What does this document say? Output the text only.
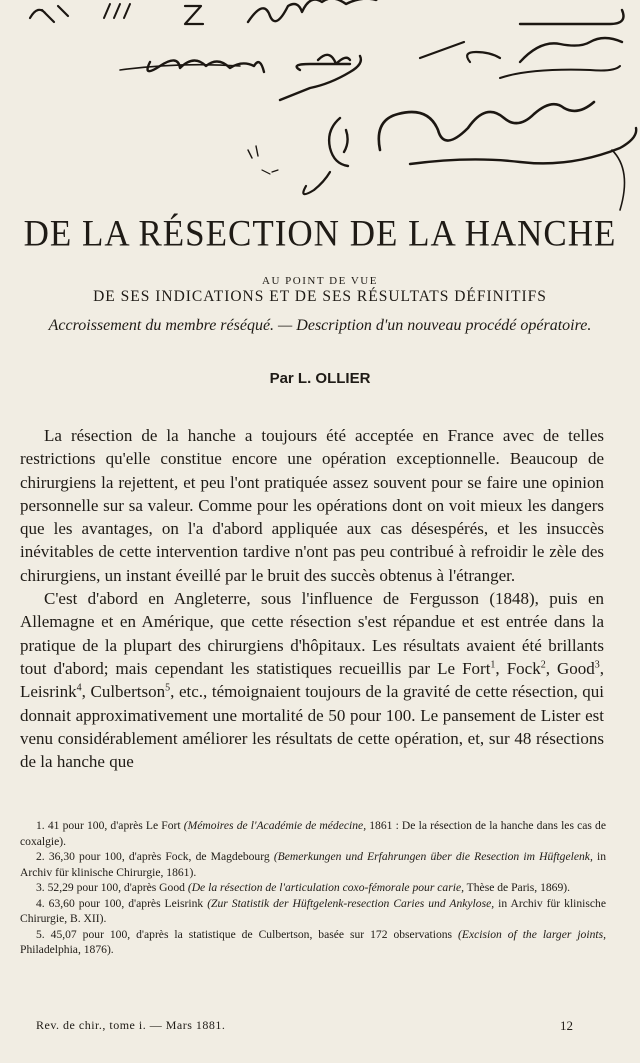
DE LA RÉSECTION DE LA HANCHE
AU POINT DE VUE
DE SES INDICATIONS ET DE SES RÉSULTATS DÉFINITIFS
Accroissement du membre réséqué. — Description d'un nouveau procédé opératoire.
Par L. OLLIER

La résection de la hanche a toujours été acceptée en France avec de telles restrictions qu'elle constitue encore une opération exceptionnelle. Beaucoup de chirurgiens la rejettent, et peu l'ont pratiquée assez souvent pour se faire une opinion personnelle sur sa valeur. Comme pour les opérations dont on voit mieux les dangers que les avantages, on l'a d'abord appliquée aux cas désespérés, et les insuccès inévitables de cette intervention tardive n'ont pas peu contribué à refroidir le zèle des chirurgiens, un instant éveillé par le bruit des succès obtenus à l'étranger.

C'est d'abord en Angleterre, sous l'influence de Fergusson (1848), puis en Allemagne et en Amérique, que cette résection s'est répandue et est entrée dans la pratique de la plupart des chirurgiens d'hôpitaux. Les résultats avaient été brillants tout d'abord; mais cependant les statistiques recueillis par Le Fort$^1$, Fock$^2$, Good$^3$, Leisrink$^4$, Culbertson$^5$, etc., témoignaient toujours de la gravité de cette résection, qui donnait approximativement une mortalité de 50 pour 100. Le pansement de Lister est venu considérablement améliorer les résultats de cette opération, et, sur 48 résections de la hanche que

1. 41 pour 100, d'après Le Fort (Mémoires de l'Académie de médecine, 1861 : De la résection de la hanche dans les cas de coxalgie).

2. 36,30 pour 100, d'après Fock, de Magdebourg (Bemerkungen und Erfahrungen über die Resection im Hüftgelenk, in Archiv für klinische Chirurgie, 1861).

3. 52,29 pour 100, d'après Good (De la résection de l'articulation coxo-fémorale pour carie, Thèse de Paris, 1869).

4. 63,60 pour 100, d'après Leisrink (Zur Statistik der Hüftgelenk-resection Caries und Ankylose, in Archiv für klinische Chirurgie, B. XII).

5. 45,07 pour 100, d'après la statistique de Culbertson, basée sur 172 observations (Excision of the larger joints, Philadelphia, 1876).

Rev. de chir., tome i. — Mars 1881.	12
